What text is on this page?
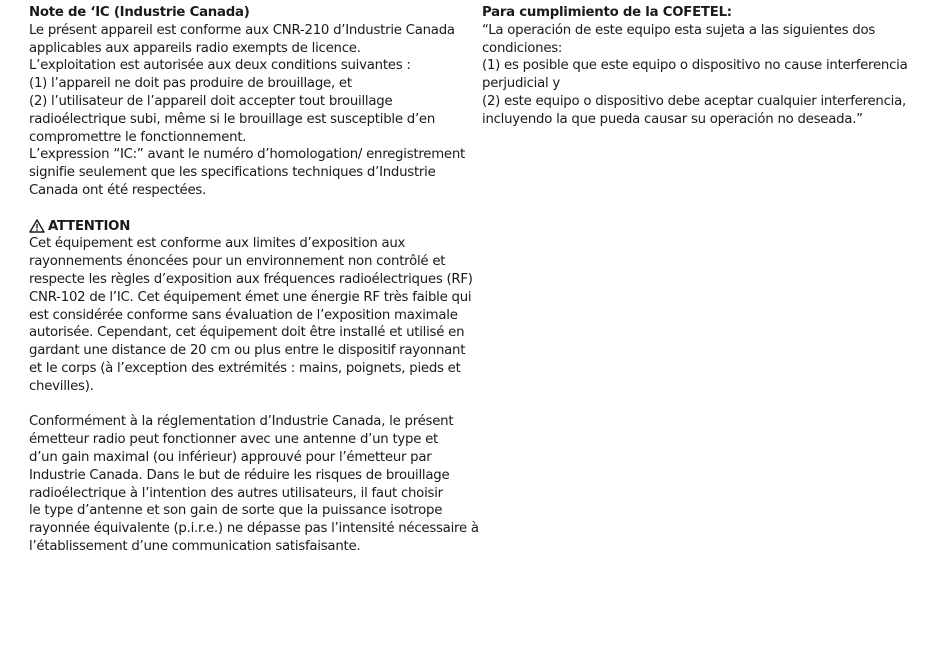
Note de ‘IC (Industrie Canada)
Le présent appareil est conforme aux CNR-210 d’Industrie Canada
applicables aux appareils radio exempts de licence.
L’exploitation est autorisée aux deux conditions suivantes :
(1) l’appareil ne doit pas produire de brouillage, et
(2) l’utilisateur de l’appareil doit accepter tout brouillage
radioélectrique subi, même si le brouillage est susceptible d’en
compromettre le fonctionnement.
L’expression “IC:” avant le numéro d’homologation/ enregistrement
signifie seulement que les specifications techniques d’Industrie
Canada ont été respectées.
ATTENTION
Cet équipement est conforme aux limites d’exposition aux
rayonnements énoncées pour un environnement non contrôlé et
respecte les règles d’exposition aux fréquences radioélectriques (RF)
CNR-102 de l’IC. Cet équipement émet une énergie RF très faible qui
est considérée conforme sans évaluation de l’exposition maximale
autorisée. Cependant, cet équipement doit être installé et utilisé en
gardant une distance de 20 cm ou plus entre le dispositif rayonnant
et le corps (à l’exception des extrémités : mains, poignets, pieds et
chevilles).
Conformément à la réglementation d’Industrie Canada, le présent
émetteur radio peut fonctionner avec une antenne d’un type et
d’un gain maximal (ou inférieur) approuvé pour l’émetteur par
Industrie Canada. Dans le but de réduire les risques de brouillage
radioélectrique à l’intention des autres utilisateurs, il faut choisir
le type d’antenne et son gain de sorte que la puissance isotrope
rayonnée équivalente (p.i.r.e.) ne dépasse pas l’intensité nécessaire à
l’établissement d’une communication satisfaisante.
Para cumplimiento de la COFETEL:
“La operación de este equipo esta sujeta a las siguientes dos
condiciones:
(1) es posible que este equipo o dispositivo no cause interferencia
perjudicial y
(2) este equipo o dispositivo debe aceptar cualquier interferencia,
incluyendo la que pueda causar su operación no deseada.”
